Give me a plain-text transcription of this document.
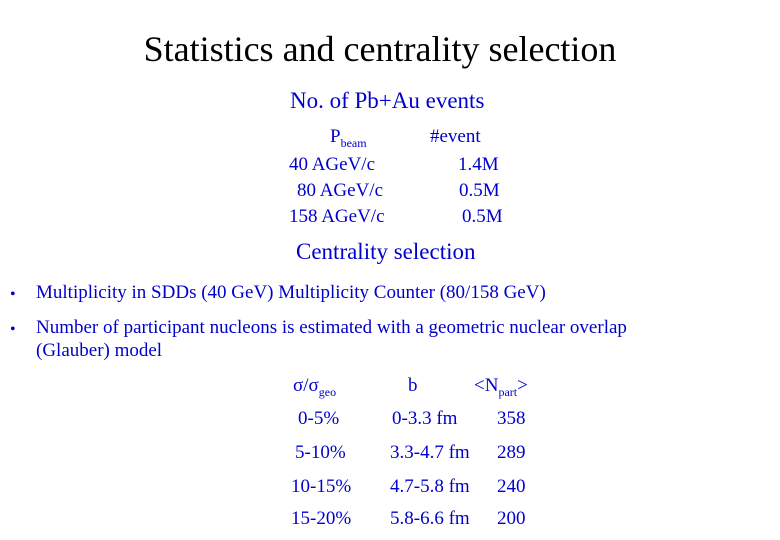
Statistics and centrality selection
No. of Pb+Au events
$P_{beam}$	#event
40 AGeV/c	1.4M
80 AGeV/c	0.5M
158 AGeV/c	0.5M
Centrality selection
• Multiplicity in SDDs (40 GeV) Multiplicity Counter (80/158 GeV)
• Number of participant nucleons is estimated with a geometric nuclear overlap
(Glauber) model
$\sigma/\sigma_{geo}$	b	$<N_{part}>$
0-5%	0-3.3 fm 358
5-10% 3.3-4.7 fm 289
10-15% 4.7-5.8 fm 240
15-20% 5.8-6.6 fm 200
